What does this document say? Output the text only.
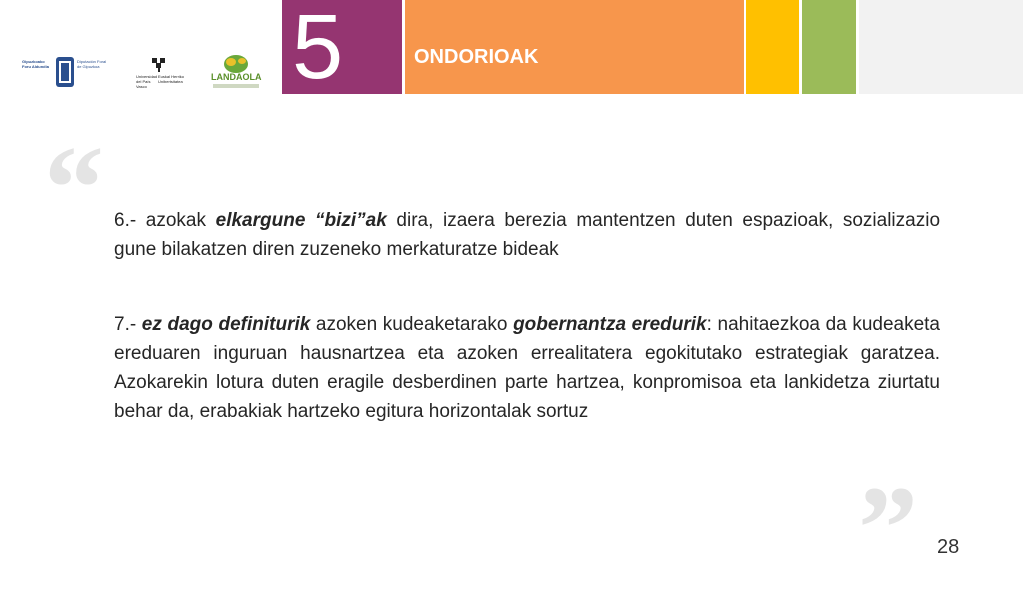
Gipuzkoako
Foru Aldundia
Diputación Foral
de Gipuzkoa
Universidad
del País Vasco
Euskal Herriko
Unibertsitatea	LANDAOLA 5	ONDORIOAK
“
”

6.- azokak elkargune “bizi”ak dira, izaera berezia mantentzen duten espazioak, sozializazio gune bilakatzen diren zuzeneko merkaturatze bideak

7.- ez dago definiturik azoken kudeaketarako gobernantza eredurik: nahitaezkoa da kudeaketa ereduaren inguruan hausnartzea eta azoken errealitatera egokitutako estrategiak garatzea. Azokarekin lotura duten eragile desberdinen parte hartzea, konpromisoa eta lankidetza ziurtatu behar da, erabakiak hartzeko egitura horizontalak sortuz

28
